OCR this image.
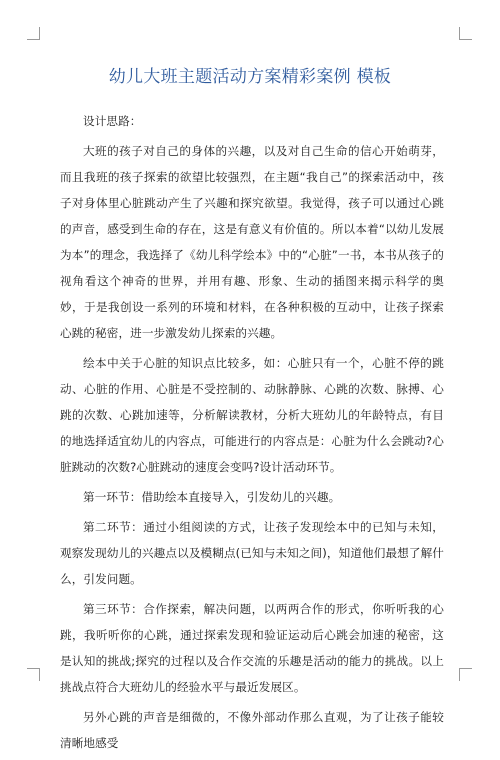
幼儿大班主题活动方案精彩案例 模板

设计思路：

大班的孩子对自己的身体的兴趣，以及对自己生命的信心开始萌芽，而且我班的孩子探索的欲望比较强烈，在主题“我自己”的探索活动中，孩子对身体里心脏跳动产生了兴趣和探究欲望。我觉得，孩子可以通过心跳的声音，感受到生命的存在，这是有意义有价值的。所以本着“以幼儿发展为本”的理念，我选择了《幼儿科学绘本》中的“心脏”一书，本书从孩子的视角看这个神奇的世界，并用有趣、形象、生动的插图来揭示科学的奥妙，于是我创设一系列的环境和材料，在各种积极的互动中，让孩子探索心跳的秘密，进一步激发幼儿探索的兴趣。

绘本中关于心脏的知识点比较多，如：心脏只有一个，心脏不停的跳动、心脏的作用、心脏是不受控制的、动脉静脉、心跳的次数、脉搏、心跳的次数、心跳加速等，分析解读教材，分析大班幼儿的年龄特点，有目的地选择适宜幼儿的内容点，可能进行的内容点是：心脏为什么会跳动?心脏跳动的次数?心脏跳动的速度会变吗?设计活动环节。

第一环节：借助绘本直接导入，引发幼儿的兴趣。

第二环节：通过小组阅读的方式，让孩子发现绘本中的已知与未知，观察发现幼儿的兴趣点以及模糊点(已知与未知之间)，知道他们最想了解什么，引发问题。

第三环节：合作探索，解决问题，以两两合作的形式，你听听我的心跳，我听听你的心跳，通过探索发现和验证运动后心跳会加速的秘密，这是认知的挑战;探究的过程以及合作交流的乐趣是活动的能力的挑战。以上挑战点符合大班幼儿的经验水平与最近发展区。

另外心跳的声音是细微的，不像外部动作那么直观，为了让孩子能较清晰地感受
